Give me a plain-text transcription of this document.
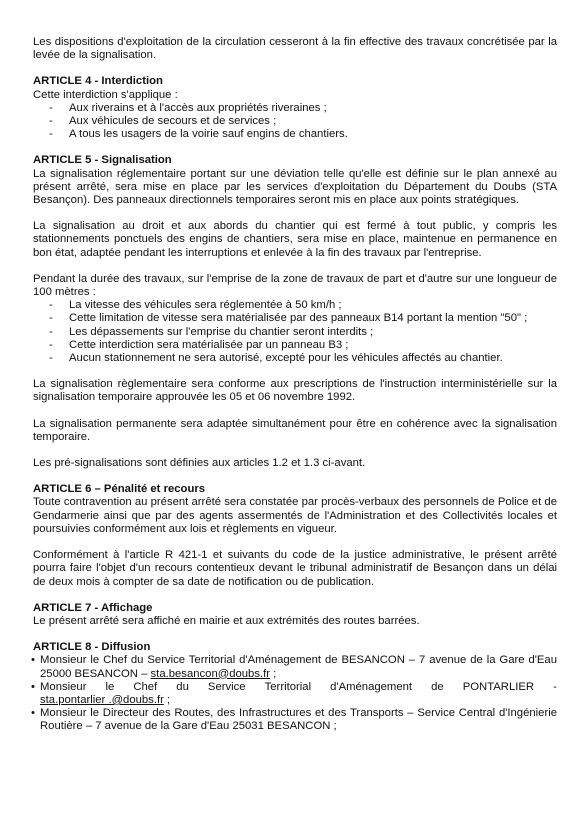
Les dispositions d'exploitation de la circulation cesseront à la fin effective des travaux concrétisée par la levée de la signalisation.

ARTICLE 4 - Interdiction

Cette interdiction s'applique :

- Aux riverains et à l'accès aux propriétés riveraines ;
- Aux véhicules de secours et de services ;
- A tous les usagers de la voirie sauf engins de chantiers.
ARTICLE 5 - Signalisation

La signalisation réglementaire portant sur une déviation telle qu'elle est définie sur le plan annexé au présent arrêté, sera mise en place par les services d'exploitation du Département du Doubs (STA Besançon). Des panneaux directionnels temporaires seront mis en place aux points stratégiques.

La signalisation au droit et aux abords du chantier qui est fermé à tout public, y compris les stationnements ponctuels des engins de chantiers, sera mise en place, maintenue en permanence en bon état, adaptée pendant les interruptions et enlevée à la fin des travaux par l'entreprise.

Pendant la durée des travaux, sur l'emprise de la zone de travaux de part et d'autre sur une longueur de 100 mètres :

- La vitesse des véhicules sera réglementée à 50 km/h ;
- Cette limitation de vitesse sera matérialisée par des panneaux B14 portant la mention "50" ;
- Les dépassements sur l'emprise du chantier seront interdits ;
- Cette interdiction sera matérialisée par un panneau B3 ;
- Aucun stationnement ne sera autorisé, excepté pour les véhicules affectés au chantier.

La signalisation règlementaire sera conforme aux prescriptions de l'instruction interministérielle sur la signalisation temporaire approuvée les 05 et 06 novembre 1992.

La signalisation permanente sera adaptée simultanément pour être en cohérence avec la signalisation temporaire.

Les pré-signalisations sont définies aux articles 1.2 et 1.3 ci-avant.

ARTICLE 6 – Pénalité et recours

Toute contravention au présent arrêté sera constatée par procès-verbaux des personnels de Police et de Gendarmerie ainsi que par des agents assermentés de l'Administration et des Collectivités locales et poursuivies conformément aux lois et règlements en vigueur.

Conformément à l'article R 421-1 et suivants du code de la justice administrative, le présent arrêté pourra faire l'objet d'un recours contentieux devant le tribunal administratif de Besançon dans un délai de deux mois à compter de sa date de notification ou de publication.

ARTICLE 7 - Affichage

Le présent arrêté sera affiché en mairie et aux extrémités des routes barrées.

ARTICLE 8 - Diffusion
• Monsieur le Chef du Service Territorial d'Aménagement de BESANCON – 7 avenue de la Gare d'Eau 25000 BESANCON – sta.besancon@doubs.fr ;
• Monsieur le Chef du Service Territorial d'Aménagement de PONTARLIER -
sta.pontarlier .@doubs.fr ;
• Monsieur le Directeur des Routes, des Infrastructures et des Transports – Service Central d'Ingénierie Routière – 7 avenue de la Gare d'Eau 25031 BESANCON ;
